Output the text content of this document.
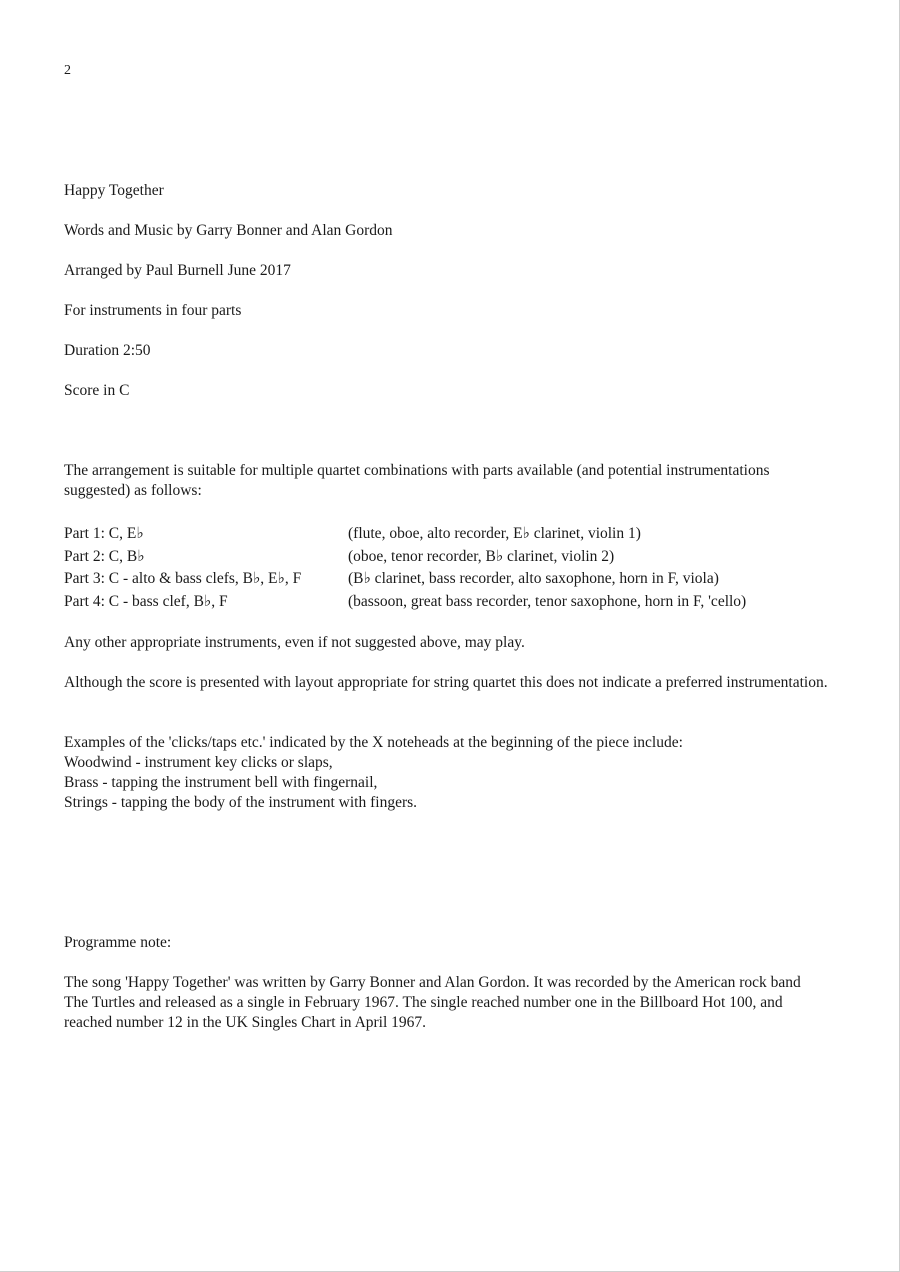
2
Happy Together
Words and Music by Garry Bonner and Alan Gordon
Arranged by Paul Burnell June 2017
For instruments in four parts
Duration 2:50
Score in C
The arrangement is suitable for multiple quartet combinations with parts available (and potential instrumentations suggested) as follows:
Part 1: C, E♭	(flute, oboe, alto recorder, E♭ clarinet, violin 1)
Part 2: C, B♭	(oboe, tenor recorder, B♭ clarinet, violin 2)
Part 3: C - alto & bass clefs, B♭, E♭, F	(B♭ clarinet, bass recorder, alto saxophone, horn in F, viola)
Part 4: C - bass clef, B♭, F	(bassoon, great bass recorder, tenor saxophone, horn in F, 'cello)
Any other appropriate instruments, even if not suggested above, may play.
Although the score is presented with layout appropriate for string quartet this does not indicate a preferred instrumentation.
Examples of the 'clicks/taps etc.' indicated by the X noteheads at the beginning of the piece include:
Woodwind - instrument key clicks or slaps,
Brass - tapping the instrument bell with fingernail,
Strings - tapping the body of the instrument with fingers.
Programme note:
The song 'Happy Together' was written by Garry Bonner and Alan Gordon. It was recorded by the American rock band The Turtles and released as a single in February 1967. The single reached number one in the Billboard Hot 100, and reached number 12 in the UK Singles Chart in April 1967.
